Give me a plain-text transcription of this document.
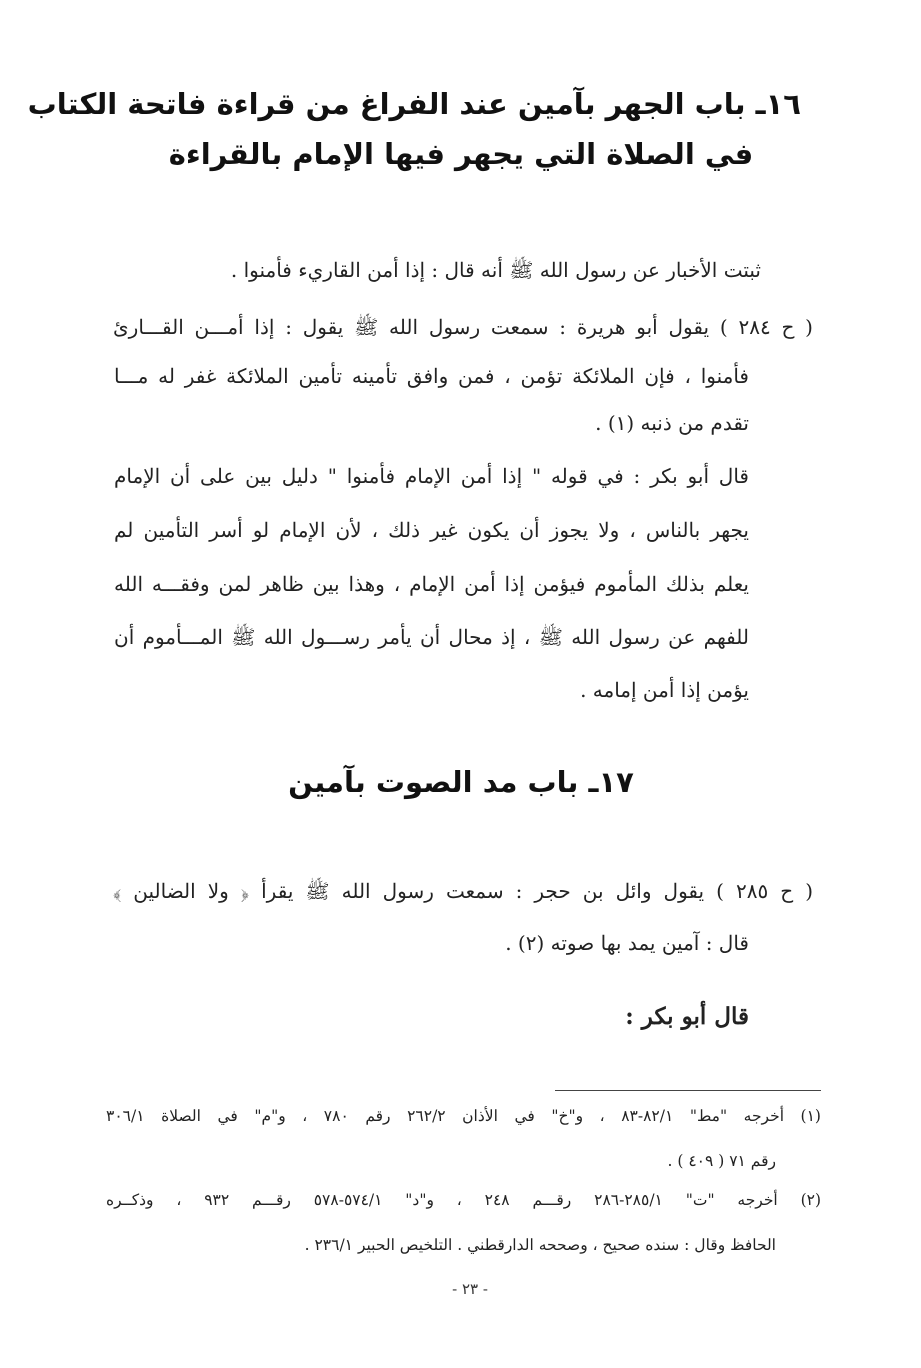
١٦ـ باب الجهر بآمين عند الفراغ من قراءة فاتحة الكتاب
في الصلاة التي يجهر فيها الإمام بالقراءة
ثبتت الأخبار عن رسول الله ﷺ أنه قال : إذا أمن القاريء فأمنوا .
( ح ٢٨٤ ) يقول أبو هريرة : سمعت رسول الله ﷺ يقول : إذا أمـــن القـــارئ
فأمنوا ، فإن الملائكة تؤمن ، فمن وافق تأمينه تأمين الملائكة غفر له مـــا
تقدم من ذنبه (١) .
قال أبو بكر : في قوله " إذا أمن الإمام فأمنوا " دليل بين على أن الإمام
يجهر بالناس ، ولا يجوز أن يكون غير ذلك ، لأن الإمام لو أسر التأمين لم
يعلم بذلك المأموم فيؤمن إذا أمن الإمام ، وهذا بين ظاهر لمن وفقـــه الله
للفهم عن رسول الله ﷺ ، إذ محال أن يأمر رســـول الله ﷺ المـــأموم أن
يؤمن إذا أمن إمامه .
١٧ـ باب مد الصوت بآمين
( ح ٢٨٥ ) يقول وائل بن حجر : سمعت رسول الله ﷺ يقرأ ﴿ ولا الضالين ﴾
قال : آمين يمد بها صوته (٢) .
قال أبو بكر :
(١) أخرجه "مط" ٨٢/١-٨٣ ، و"خ" في الأذان ٢٦٢/٢ رقم ٧٨٠ ، و"م" في الصلاة ٣٠٦/١
رقم ٧١ ( ٤٠٩ ) .
(٢) أخرجه "ت" ٢٨٥/١-٢٨٦ رقـــم ٢٤٨ ، و"د" ٥٧٤/١-٥٧٨ رقـــم ٩٣٢ ، وذكــره
الحافظ وقال : سنده صحيح ، وصححه الدارقطني . التلخيص الحبير ٢٣٦/١ .
- ٢٣ -
